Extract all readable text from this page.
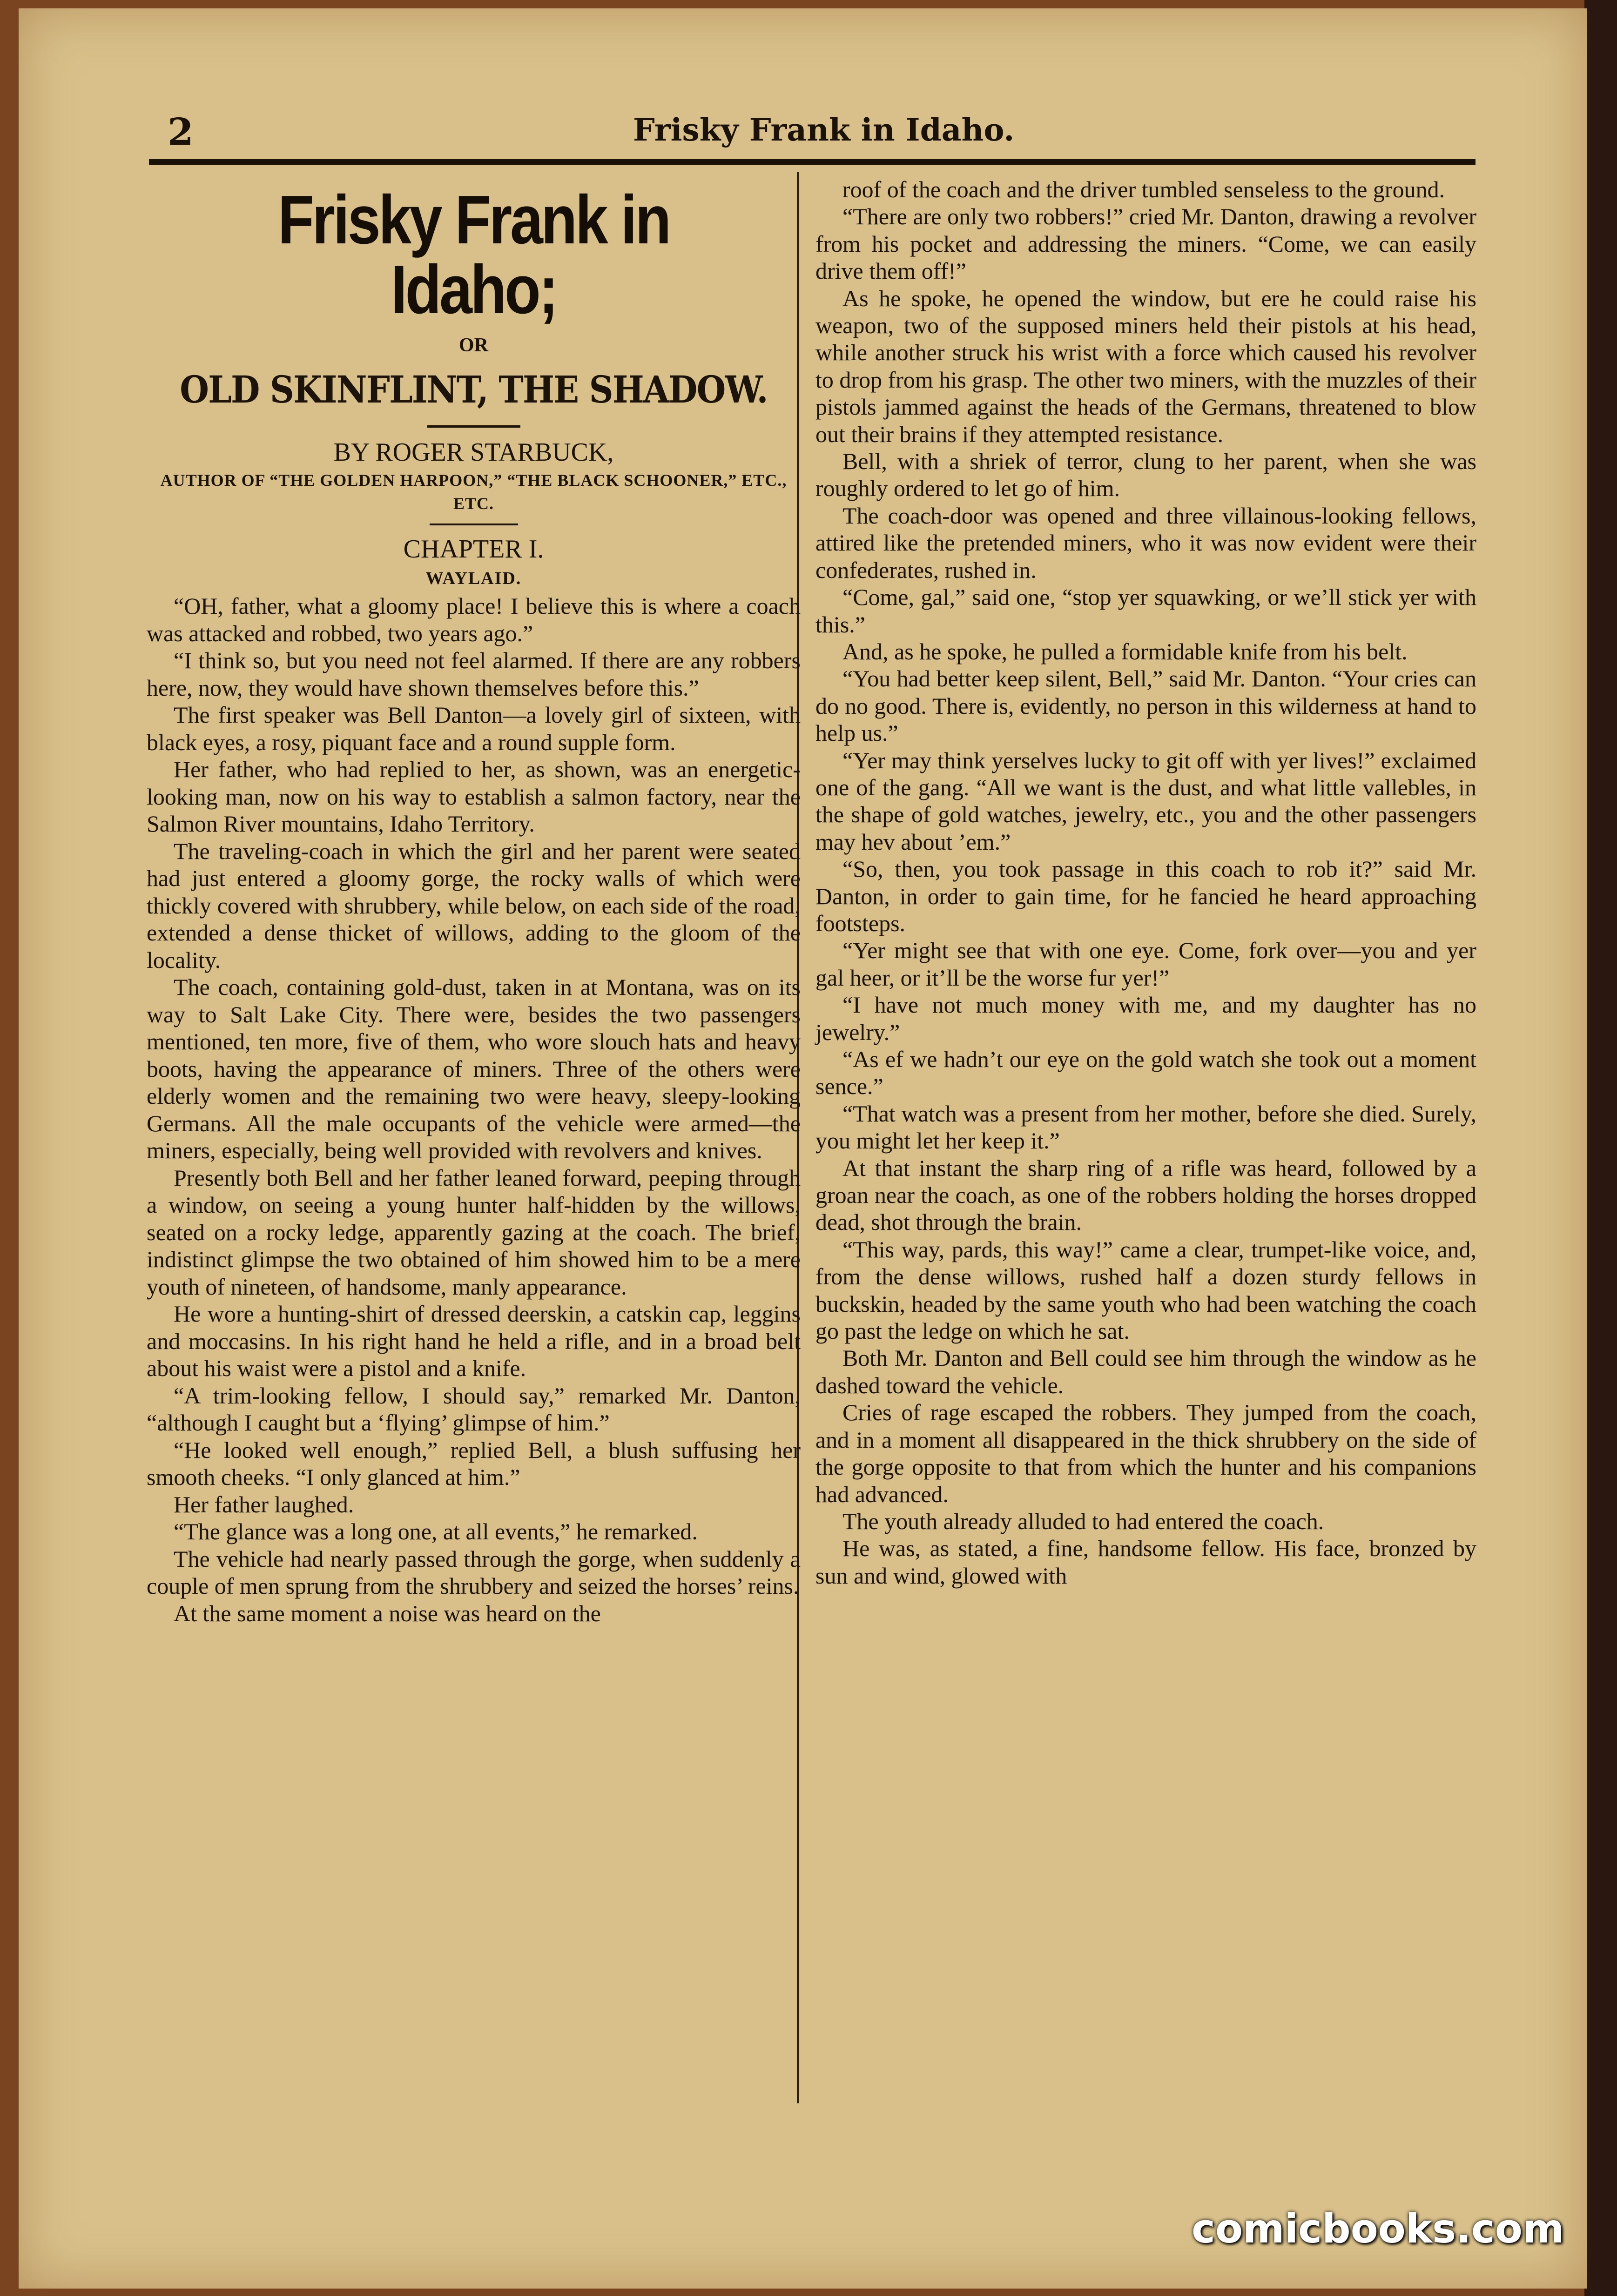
2	Frisky Frank in Idaho.
Frisky Frank in Idaho;
OR
OLD SKINFLINT, THE SHADOW.
BY ROGER STARBUCK,
AUTHOR OF “THE GOLDEN HARPOON,” “THE BLACK SCHOONER,” ETC., ETC.
CHAPTER I.
WAYLAID.

“OH, father, what a gloomy place! I believe this is where a coach was attacked and robbed, two years ago.”

“I think so, but you need not feel alarmed. If there are any robbers here, now, they would have shown themselves before this.”

The first speaker was Bell Danton—a lovely girl of sixteen, with black eyes, a rosy, piquant face and a round supple form.

Her father, who had replied to her, as shown, was an energetic-looking man, now on his way to establish a salmon factory, near the Salmon River mountains, Idaho Territory.

The traveling-coach in which the girl and her parent were seated had just entered a gloomy gorge, the rocky walls of which were thickly covered with shrubbery, while below, on each side of the road, extended a dense thicket of willows, adding to the gloom of the locality.

The coach, containing gold-dust, taken in at Montana, was on its way to Salt Lake City. There were, besides the two passengers mentioned, ten more, five of them, who wore slouch hats and heavy boots, having the appearance of miners. Three of the others were elderly women and the remaining two were heavy, sleepy-looking Germans. All the male occupants of the vehicle were armed—the miners, especially, being well provided with revolvers and knives.

Presently both Bell and her father leaned forward, peeping through a window, on seeing a young hunter half-hidden by the willows, seated on a rocky ledge, apparently gazing at the coach. The brief, indistinct glimpse the two obtained of him showed him to be a mere youth of nineteen, of handsome, manly appearance.

He wore a hunting-shirt of dressed deerskin, a catskin cap, leggins and moccasins. In his right hand he held a rifle, and in a broad belt about his waist were a pistol and a knife.

“A trim-looking fellow, I should say,” remarked Mr. Danton, “although I caught but a ‘flying’ glimpse of him.”

“He looked well enough,” replied Bell, a blush suffusing her smooth cheeks. “I only glanced at him.”

Her father laughed.

“The glance was a long one, at all events,” he remarked.

The vehicle had nearly passed through the gorge, when suddenly a couple of men sprung from the shrubbery and seized the horses’ reins.

At the same moment a noise was heard on the

roof of the coach and the driver tumbled senseless to the ground.

“There are only two robbers!” cried Mr. Danton, drawing a revolver from his pocket and addressing the miners. “Come, we can easily drive them off!”

As he spoke, he opened the window, but ere he could raise his weapon, two of the supposed miners held their pistols at his head, while another struck his wrist with a force which caused his revolver to drop from his grasp. The other two miners, with the muzzles of their pistols jammed against the heads of the Germans, threatened to blow out their brains if they attempted resistance.

Bell, with a shriek of terror, clung to her parent, when she was roughly ordered to let go of him.

The coach-door was opened and three villainous-looking fellows, attired like the pretended miners, who it was now evident were their confederates, rushed in.

“Come, gal,” said one, “stop yer squawking, or we’ll stick yer with this.”

And, as he spoke, he pulled a formidable knife from his belt.

“You had better keep silent, Bell,” said Mr. Danton. “Your cries can do no good. There is, evidently, no person in this wilderness at hand to help us.”

“Yer may think yerselves lucky to git off with yer lives!” exclaimed one of the gang. “All we want is the dust, and what little vallebles, in the shape of gold watches, jewelry, etc., you and the other passengers may hev about ’em.”

“So, then, you took passage in this coach to rob it?” said Mr. Danton, in order to gain time, for he fancied he heard approaching footsteps.

“Yer might see that with one eye. Come, fork over—you and yer gal heer, or it’ll be the worse fur yer!”

“I have not much money with me, and my daughter has no jewelry.”

“As ef we hadn’t our eye on the gold watch she took out a moment sence.”

“That watch was a present from her mother, before she died. Surely, you might let her keep it.”

At that instant the sharp ring of a rifle was heard, followed by a groan near the coach, as one of the robbers holding the horses dropped dead, shot through the brain.

“This way, pards, this way!” came a clear, trumpet-like voice, and, from the dense willows, rushed half a dozen sturdy fellows in buckskin, headed by the same youth who had been watching the coach go past the ledge on which he sat.

Both Mr. Danton and Bell could see him through the window as he dashed toward the vehicle.

Cries of rage escaped the robbers. They jumped from the coach, and in a moment all disappeared in the thick shrubbery on the side of the gorge opposite to that from which the hunter and his companions had advanced.

The youth already alluded to had entered the coach.

He was, as stated, a fine, handsome fellow. His face, bronzed by sun and wind, glowed with

comicbooks.com
